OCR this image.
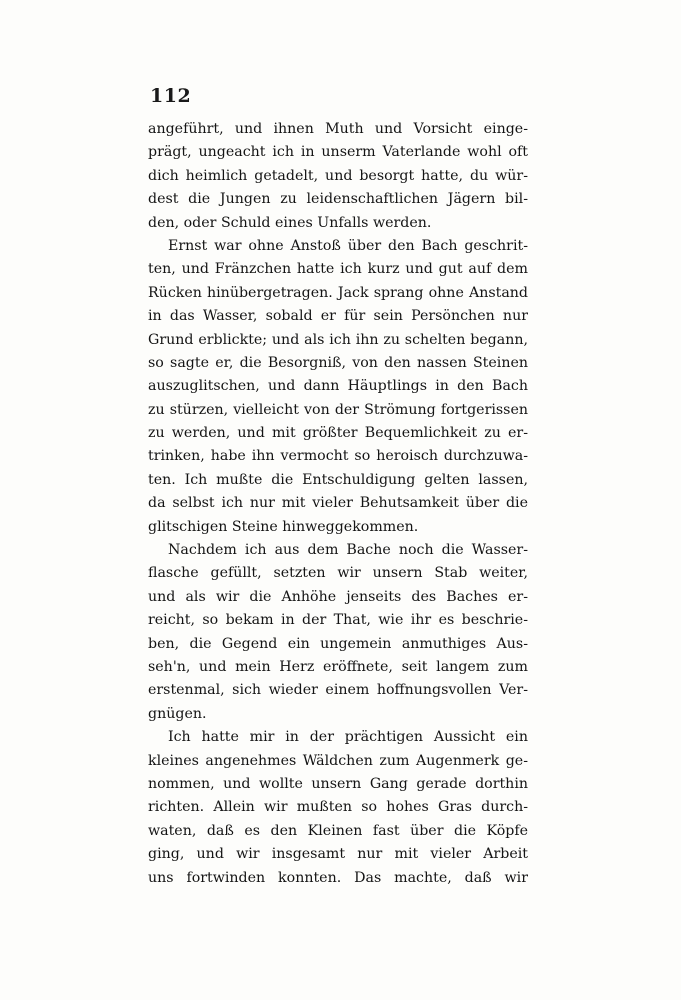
112
angeführt, und ihnen Muth und Vorsicht einge-
prägt, ungeacht ich in unserm Vaterlande wohl oft
dich heimlich getadelt, und besorgt hatte, du wür-
dest die Jungen zu leidenschaftlichen Jägern bil-
den, oder Schuld eines Unfalls werden.
Ernst war ohne Anstoß über den Bach geschrit-
ten, und Fränzchen hatte ich kurz und gut auf dem
Rücken hinübergetragen. Jack sprang ohne Anstand
in das Wasser, sobald er für sein Persönchen nur
Grund erblickte; und als ich ihn zu schelten begann,
so sagte er, die Besorgniß, von den nassen Steinen
auszuglitschen, und dann Häuptlings in den Bach
zu stürzen, vielleicht von der Strömung fortgerissen
zu werden, und mit größter Bequemlichkeit zu er-
trinken, habe ihn vermocht so heroisch durchzuwa-
ten. Ich mußte die Entschuldigung gelten lassen,
da selbst ich nur mit vieler Behutsamkeit über die
glitschigen Steine hinweggekommen.
Nachdem ich aus dem Bache noch die Wasser-
flasche gefüllt, setzten wir unsern Stab weiter,
und als wir die Anhöhe jenseits des Baches er-
reicht, so bekam in der That, wie ihr es beschrie-
ben, die Gegend ein ungemein anmuthiges Aus-
seh'n, und mein Herz eröffnete, seit langem zum
erstenmal, sich wieder einem hoffnungsvollen Ver-
gnügen.
Ich hatte mir in der prächtigen Aussicht ein
kleines angenehmes Wäldchen zum Augenmerk ge-
nommen, und wollte unsern Gang gerade dorthin
richten. Allein wir mußten so hohes Gras durch-
waten, daß es den Kleinen fast über die Köpfe
ging, und wir insgesamt nur mit vieler Arbeit
uns fortwinden konnten. Das machte, daß wir
